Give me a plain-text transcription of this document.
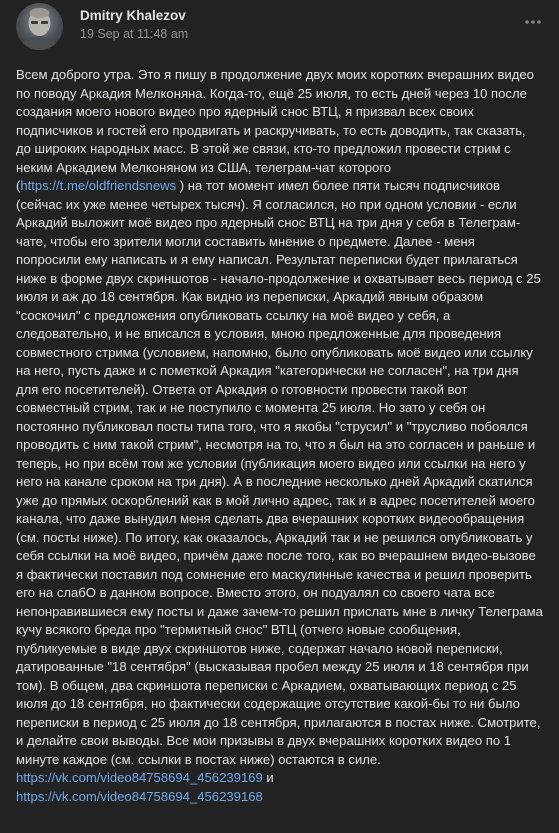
Dmitry Khalezov
19 Sep at 11:48 am
Всем доброго утра. Это я пишу в продолжение двух моих коротких вчерашних видео по поводу Аркадия Мелконяна. Когда-то, ещё 25 июля, то есть дней через 10 после создания моего нового видео про ядерный снос ВТЦ, я призвал всех своих подписчиков и гостей его продвигать и раскручивать, то есть доводить, так сказать, до широких народных масс. В этой же связи, кто-то предложил провести стрим с неким Аркадием Мелконяном из США, телеграм-чат которого (https://t.me/oldfriendsnews ) на тот момент имел более пяти тысяч подписчиков (сейчас их уже менее четырех тысяч). Я согласился, но при одном условии - если Аркадий выложит моё видео про ядерный снос ВТЦ на три дня у себя в Телеграм-чате, чтобы его зрители могли составить мнение о предмете. Далее - меня попросили ему написать и я ему написал. Результат переписки будет прилагаться ниже в форме двух скриншотов - начало-продолжение и охватывает весь период с 25 июля и аж до 18 сентября. Как видно из переписки, Аркадий явным образом "соскочил" с предложения опубликовать ссылку на моё видео у себя, а следовательно, и не вписался в условия, мною предложенные для проведения совместного стрима (условием, напомню, было опубликовать моё видео или ссылку на него, пусть даже и с пометкой Аркадия "категорически не согласен", на три дня для его посетителей). Ответа от Аркадия о готовности провести такой вот совместный стрим, так и не поступило с момента 25 июля. Но зато у себя он постоянно публиковал посты типа того, что я якобы "струсил" и "трусливо побоялся проводить с ним такой стрим", несмотря на то, что я был на это согласен и раньше и теперь, но при всём том же условии (публикация моего видео или ссылки на него у него на канале сроком на три дня). А в последние несколько дней Аркадий скатился уже до прямых оскорблений как в мой лично адрес, так и в адрес посетителей моего канала, что даже вынудил меня сделать два вчерашних коротких видеообращения (см. посты ниже). По итогу, как оказалось, Аркадий так и не решился опубликовать у себя ссылки на моё видео, причём даже после того, как во вчерашнем видео-вызове я фактически поставил под сомнение его маскулинные качества и решил проверить его на слабО в данном вопросе. Вместо этого, он подуалял со своего чата все непонравившиеся ему посты и даже зачем-то решил прислать мне в личку Телеграма кучу всякого бреда про "термитный снос" ВТЦ (отчего новые сообщения, публикуемые в виде двух скриншотов ниже, содержат начало новой переписки, датированные "18 сентября" (высказывая пробел между 25 июля и 18 сентября при том). В общем, два скриншота переписки с Аркадием, охватывающих период с 25 июля до 18 сентября, но фактически содержащие отсутствие какой-бы то ни было переписки в период с 25 июля до 18 сентября, прилагаются в постах ниже. Смотрите, и делайте свои выводы. Все мои призывы в двух вчерашних коротких видео по 1 минуте каждое (см. ссылки в постах ниже) остаются в силе.
https://vk.com/video84758694_456239169 и
https://vk.com/video84758694_456239168
